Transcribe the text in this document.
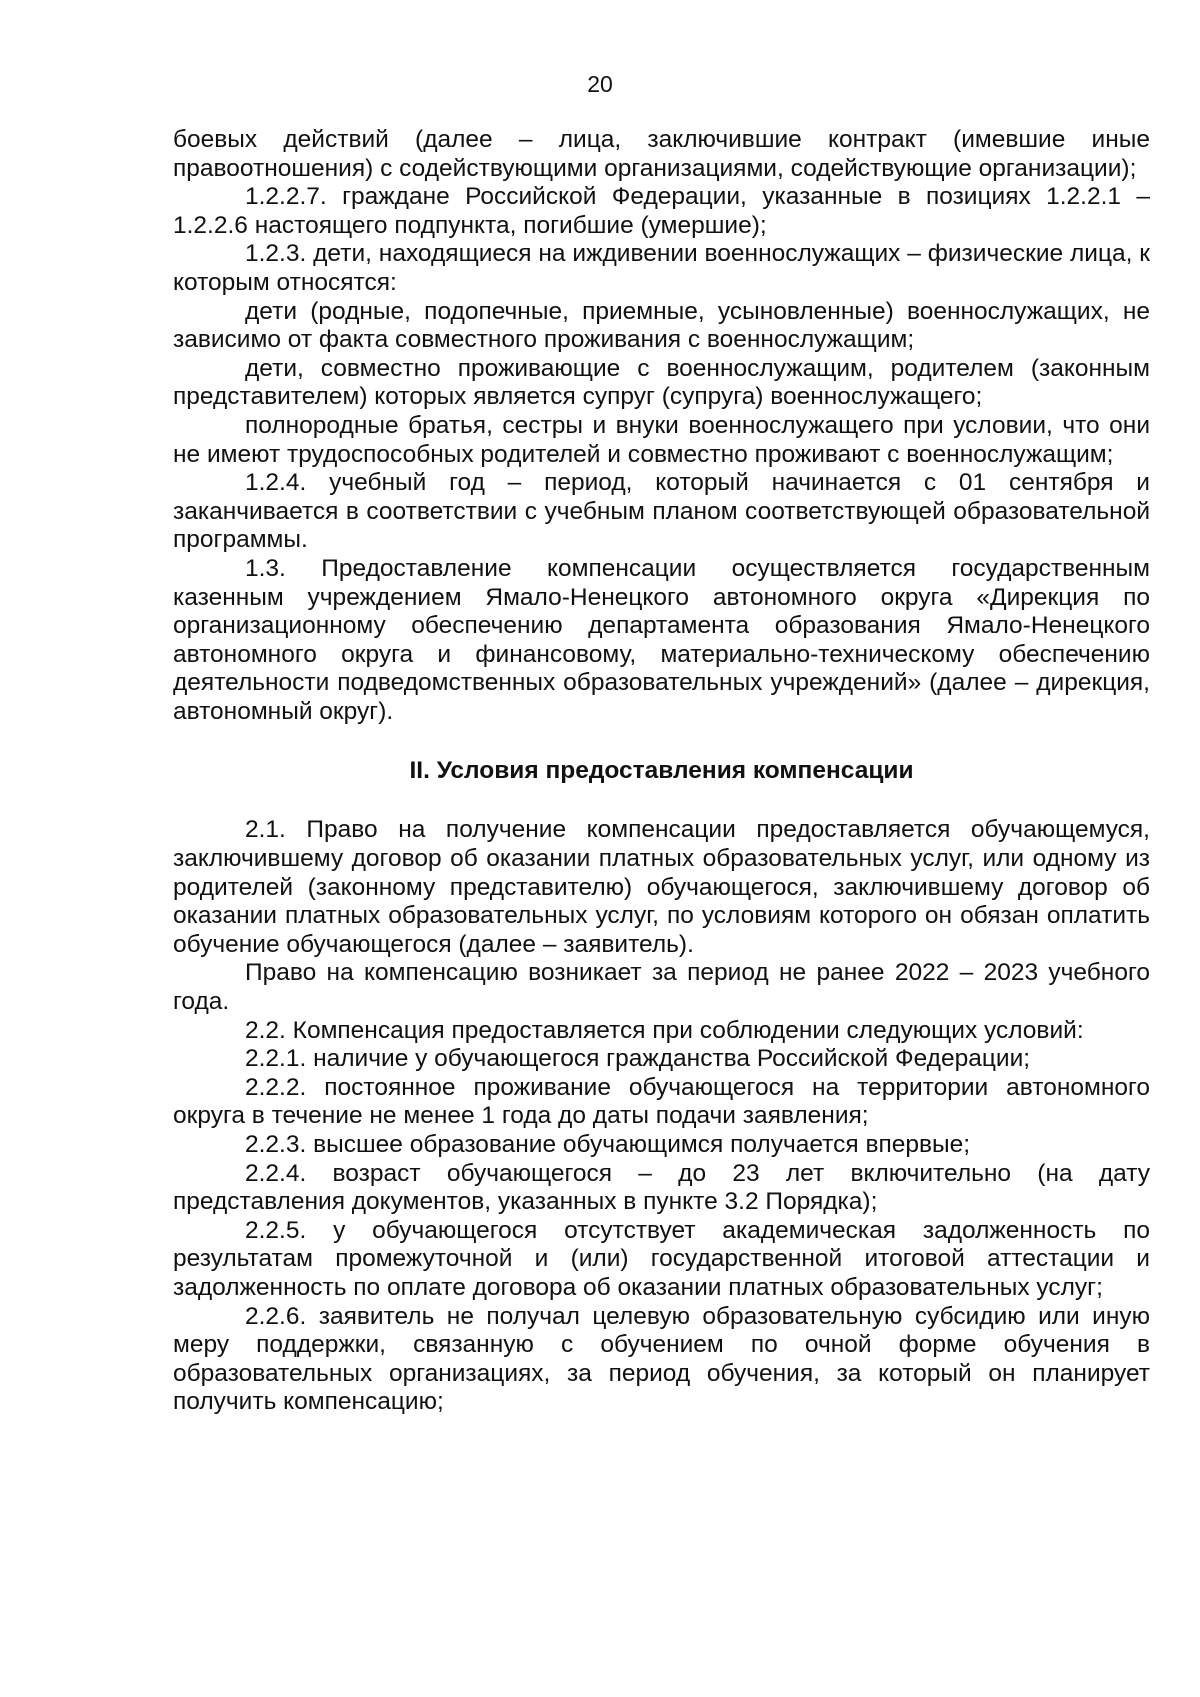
20

боевых действий (далее – лица, заключившие контракт (имевшие иные правоотношения) с содействующими организациями, содействующие организации);

1.2.2.7. граждане Российской Федерации, указанные в позициях 1.2.2.1 – 1.2.2.6 настоящего подпункта, погибшие (умершие);

1.2.3. дети, находящиеся на иждивении военнослужащих – физические лица, к которым относятся:

дети (родные, подопечные, приемные, усыновленные) военнослужащих, не зависимо от факта совместного проживания с военнослужащим;

дети, совместно проживающие с военнослужащим, родителем (законным представителем) которых является супруг (супруга) военнослужащего;

полнородные братья, сестры и внуки военнослужащего при условии, что они не имеют трудоспособных родителей и совместно проживают с военнослужащим;

1.2.4. учебный год – период, который начинается с 01 сентября и заканчивается в соответствии с учебным планом соответствующей образовательной программы.

1.3. Предоставление компенсации осуществляется государственным казенным учреждением Ямало-Ненецкого автономного округа «Дирекция по организационному обеспечению департамента образования Ямало-Ненецкого автономного округа и финансовому, материально-техническому обеспечению деятельности подведомственных образовательных учреждений» (далее – дирекция, автономный округ).

II. Условия предоставления компенсации

2.1. Право на получение компенсации предоставляется обучающемуся, заключившему договор об оказании платных образовательных услуг, или одному из родителей (законному представителю) обучающегося, заключившему договор об оказании платных образовательных услуг, по условиям которого он обязан оплатить обучение обучающегося (далее – заявитель).

Право на компенсацию возникает за период не ранее 2022 – 2023 учебного года.

2.2. Компенсация предоставляется при соблюдении следующих условий:

2.2.1. наличие у обучающегося гражданства Российской Федерации;

2.2.2. постоянное проживание обучающегося на территории автономного округа в течение не менее 1 года до даты подачи заявления;

2.2.3. высшее образование обучающимся получается впервые;

2.2.4. возраст обучающегося – до 23 лет включительно (на дату представления документов, указанных в пункте 3.2 Порядка);

2.2.5. у обучающегося отсутствует академическая задолженность по результатам промежуточной и (или) государственной итоговой аттестации и задолженность по оплате договора об оказании платных образовательных услуг;

2.2.6. заявитель не получал целевую образовательную субсидию или иную меру поддержки, связанную с обучением по очной форме обучения в образовательных организациях, за период обучения, за который он планирует получить компенсацию;
